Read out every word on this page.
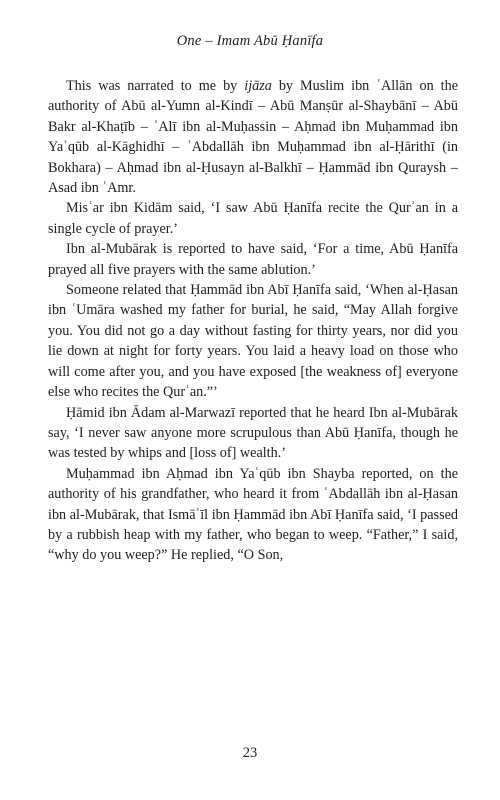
One – Imam Abū Ḥanīfa

This was narrated to me by ijāza by Muslim ibn ʿAllān on the authority of Abū al-Yumn al-Kindī – Abū Manṣūr al-Shaybānī – Abū Bakr al-Khaṭīb – ʿAlī ibn al-Muḥassin – Aḥmad ibn Muḥammad ibn Yaʿqūb al-Kāghidhī – ʿAbdallāh ibn Muḥammad ibn al-Ḥārithī (in Bokhara) – Aḥmad ibn al-Ḥusayn al-Balkhī – Ḥammād ibn Quraysh – Asad ibn ʿAmr.

Misʿar ibn Kidām said, ‘I saw Abū Ḥanīfa recite the Qurʾan in a single cycle of prayer.’

Ibn al-Mubārak is reported to have said, ‘For a time, Abū Ḥanīfa prayed all five prayers with the same ablution.’

Someone related that Ḥammād ibn Abī Ḥanīfa said, ‘When al-Ḥasan ibn ʿUmāra washed my father for burial, he said, “May Allah forgive you. You did not go a day without fasting for thirty years, nor did you lie down at night for forty years. You laid a heavy load on those who will come after you, and you have exposed [the weakness of] everyone else who recites the Qurʾan.”’

Ḥāmid ibn Ādam al-Marwazī reported that he heard Ibn al-Mubārak say, ‘I never saw anyone more scrupulous than Abū Ḥanīfa, though he was tested by whips and [loss of] wealth.’

Muḥammad ibn Aḥmad ibn Yaʿqūb ibn Shayba reported, on the authority of his grandfather, who heard it from ʿAbdallāh ibn al-Ḥasan ibn al-Mubārak, that Ismāʿīl ibn Ḥammād ibn Abī Ḥanīfa said, ‘I passed by a rubbish heap with my father, who began to weep. “Father,” I said, “why do you weep?” He replied, “O Son,

23
